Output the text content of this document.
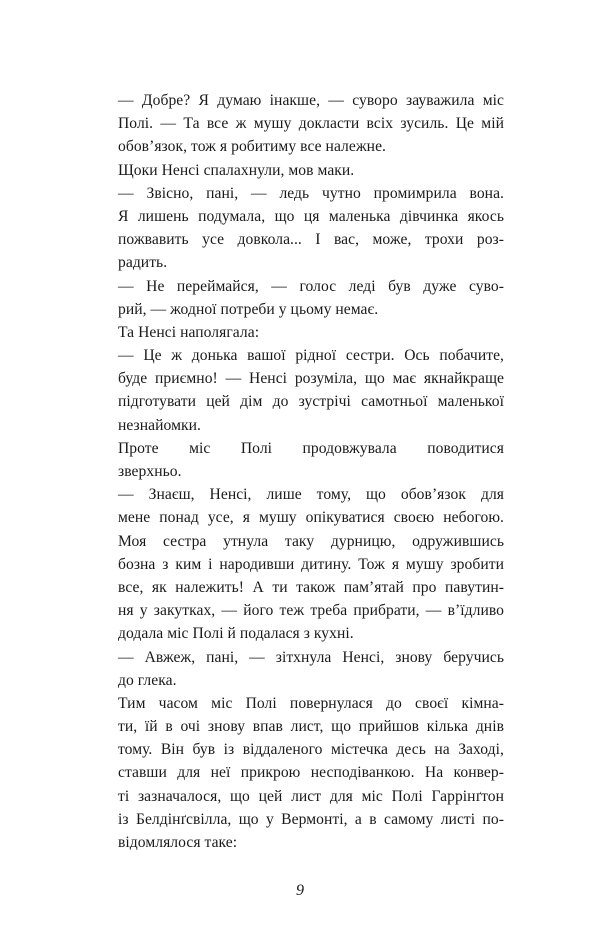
— Добре? Я думаю інакше, — суворо зауважила міс
Полі. — Та все ж мушу докласти всіх зусиль. Це мій
обов’язок, тож я робитиму все належне.
Щоки Ненсі спалахнули, мов маки.
— Звісно, пані, — ледь чутно промимрила вона.
Я лишень подумала, що ця маленька дівчинка якось
пожвавить усе довкола... І вас, може, трохи роз-
радить.
— Не переймайся, — голос леді був дуже суво-
рий, — жодної потреби у цьому немає.
Та Ненсі наполягала:
— Це ж донька вашої рідної сестри. Ось побачите,
буде приємно! — Ненсі розуміла, що має якнайкраще
підготувати цей дім до зустрічі самотньої маленької
незнайомки.
Проте міс Полі продовжувала поводитися
зверхньо.
— Знаєш, Ненсі, лише тому, що обов’язок для
мене понад усе, я мушу опікуватися своєю небогою.
Моя сестра утнула таку дурницю, одружившись
бозна з ким і народивши дитину. Тож я мушу зробити
все, як належить! А ти також пам’ятай про павутин-
ня у закутках, — його теж треба прибрати, — в’їдливо
додала міс Полі й подалася з кухні.
— Авжеж, пані, — зітхнула Ненсі, знову беручись
до глека.
Тим часом міс Полі повернулася до своєї кімна-
ти, їй в очі знову впав лист, що прийшов кілька днів
тому. Він був із віддаленого містечка десь на Заході,
ставши для неї прикрою несподіванкою. На конвер-
ті зазначалося, що цей лист для міс Полі Гаррінґтон
із Белдінґсвілла, що у Вермонті, а в самому листі по-
відомлялося таке:
9
